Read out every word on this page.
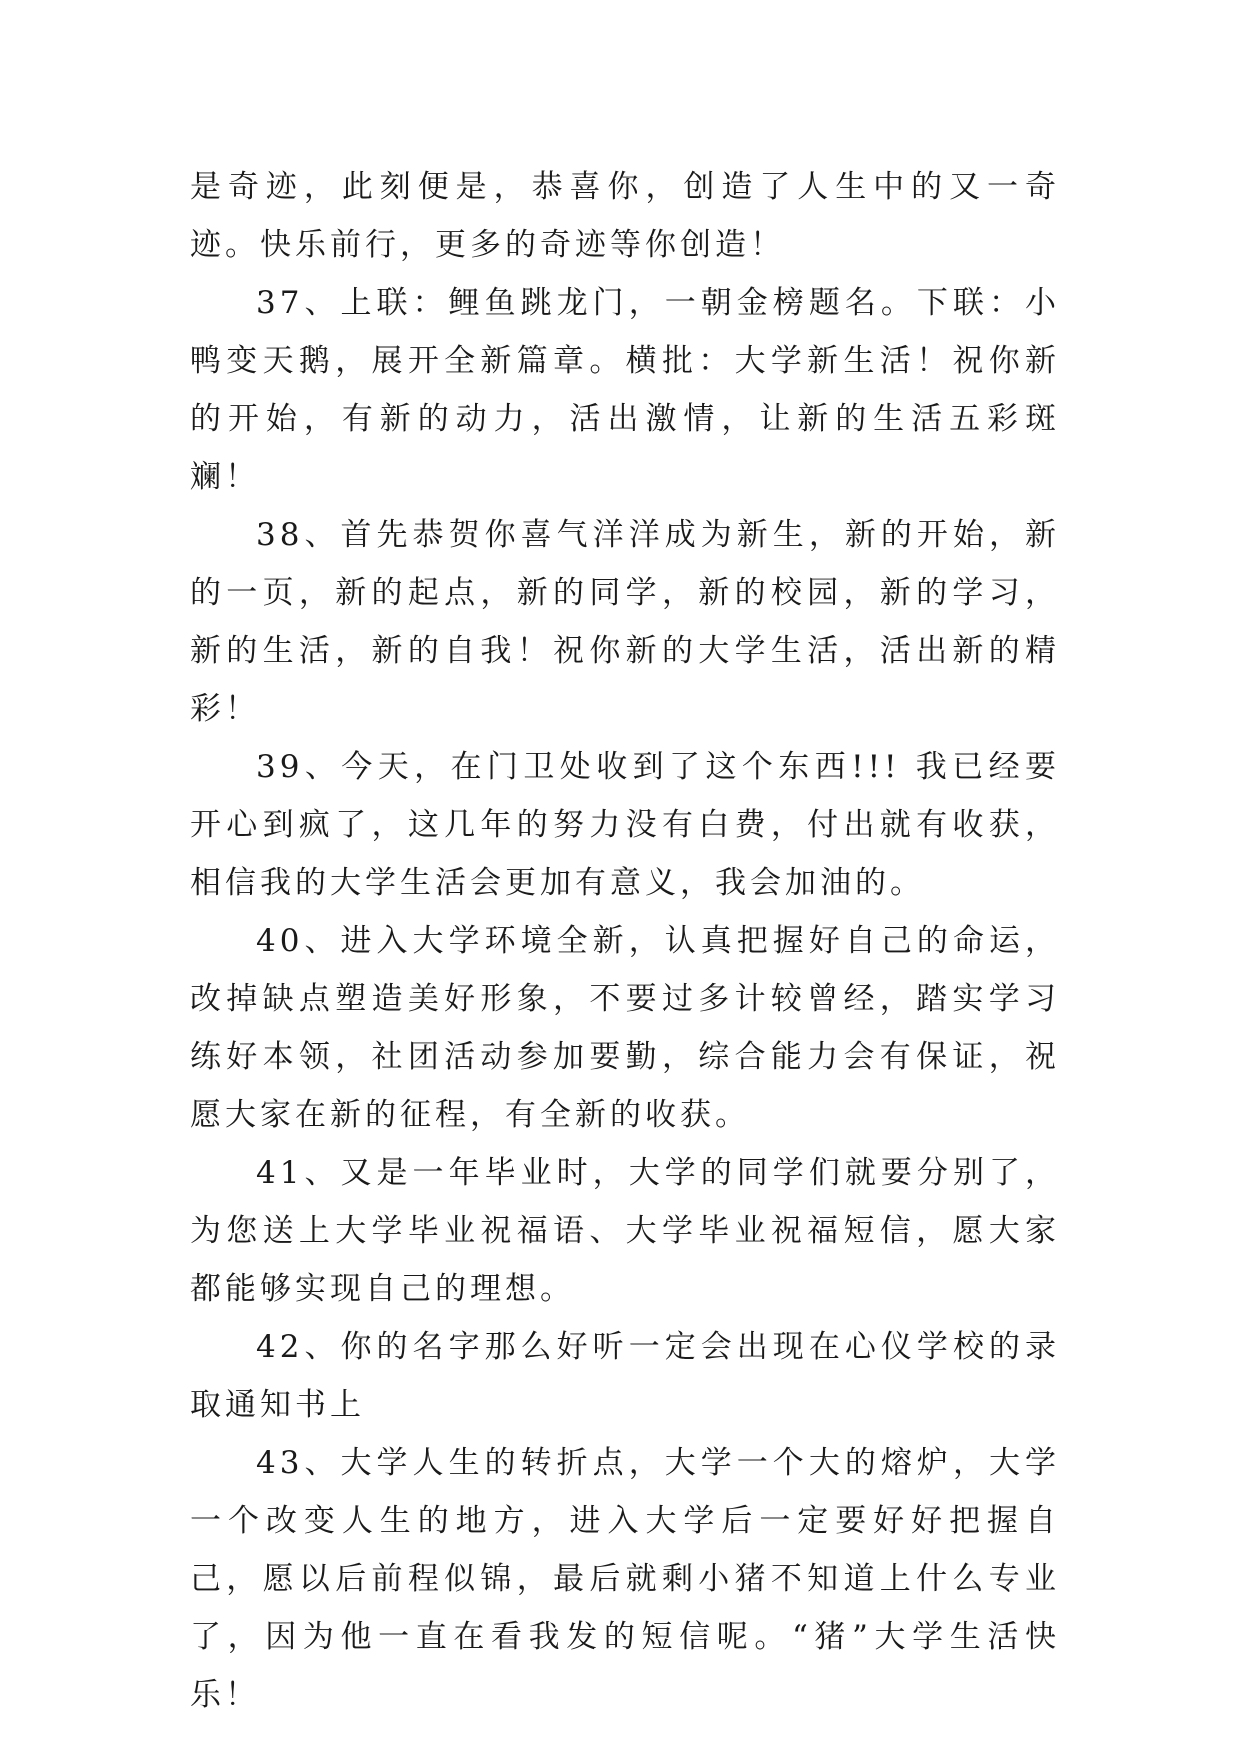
是奇迹，此刻便是，恭喜你，创造了人生中的又一奇迹。快乐前行，更多的奇迹等你创造！

37、上联：鲤鱼跳龙门，一朝金榜题名。下联：小鸭变天鹅，展开全新篇章。横批：大学新生活！祝你新的开始，有新的动力，活出激情，让新的生活五彩斑斓！

38、首先恭贺你喜气洋洋成为新生，新的开始，新的一页，新的起点，新的同学，新的校园，新的学习，新的生活，新的自我！祝你新的大学生活，活出新的精彩！

39、今天，在门卫处收到了这个东西!!! 我已经要开心到疯了，这几年的努力没有白费，付出就有收获，相信我的大学生活会更加有意义，我会加油的。

40、进入大学环境全新，认真把握好自己的命运，改掉缺点塑造美好形象，不要过多计较曾经，踏实学习练好本领，社团活动参加要勤，综合能力会有保证，祝愿大家在新的征程，有全新的收获。

41、又是一年毕业时，大学的同学们就要分别了，为您送上大学毕业祝福语、大学毕业祝福短信，愿大家都能够实现自己的理想。

42、你的名字那么好听一定会出现在心仪学校的录取通知书上

43、大学人生的转折点，大学一个大的熔炉，大学一个改变人生的地方，进入大学后一定要好好把握自己，愿以后前程似锦，最后就剩小猪不知道上什么专业了，因为他一直在看我发的短信呢。“猪”大学生活快乐！
